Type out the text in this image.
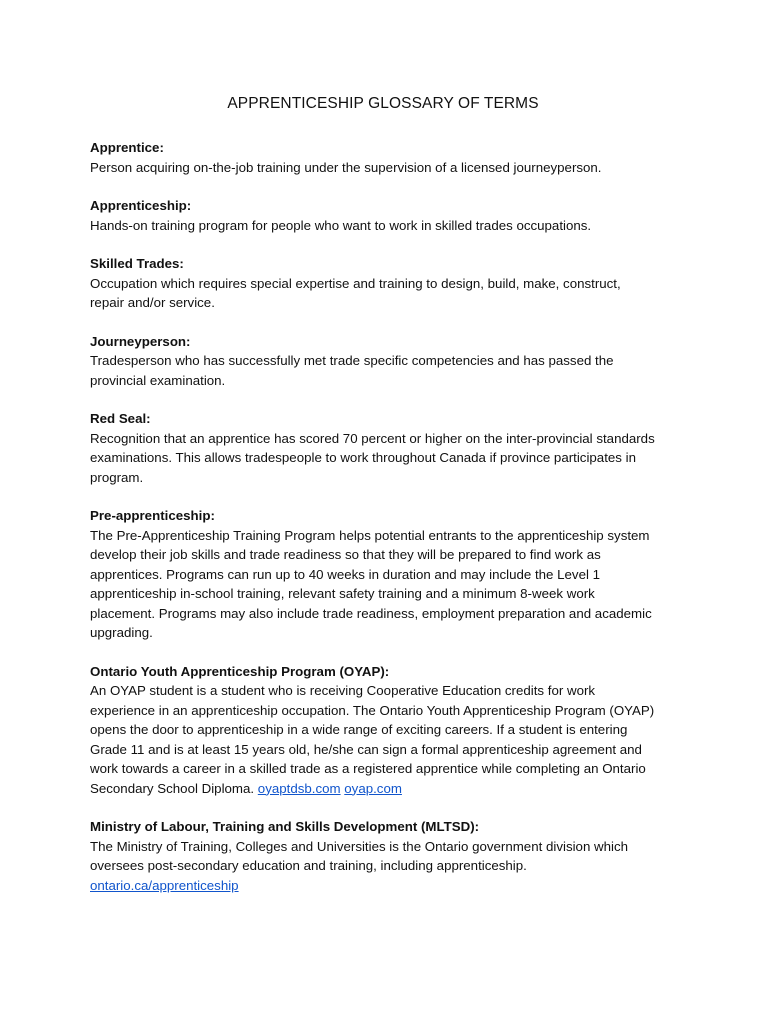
APPRENTICESHIP GLOSSARY OF TERMS

Apprentice:

Person acquiring on-the-job training under the supervision of a licensed journeyperson.

Apprenticeship:

Hands-on training program for people who want to work in skilled trades occupations.

Skilled Trades:

Occupation which requires special expertise and training to design, build, make, construct,
repair and/or service.

Journeyperson:

Tradesperson who has successfully met trade specific competencies and has passed the
provincial examination.

Red Seal:

Recognition that an apprentice has scored 70 percent or higher on the inter-provincial standards
examinations. This allows tradespeople to work throughout Canada if province participates in
program.

Pre-apprenticeship:

The Pre-Apprenticeship Training Program helps potential entrants to the apprenticeship system
develop their job skills and trade readiness so that they will be prepared to find work as
apprentices. Programs can run up to 40 weeks in duration and may include the Level 1
apprenticeship in-school training, relevant safety training and a minimum 8-week work
placement. Programs may also include trade readiness, employment preparation and academic
upgrading.

Ontario Youth Apprenticeship Program (OYAP):

An OYAP student is a student who is receiving Cooperative Education credits for work
experience in an apprenticeship occupation. The Ontario Youth Apprenticeship Program (OYAP)
opens the door to apprenticeship in a wide range of exciting careers. If a student is entering
Grade 11 and is at least 15 years old, he/she can sign a formal apprenticeship agreement and
work towards a career in a skilled trade as a registered apprentice while completing an Ontario
Secondary School Diploma. oyaptdsb.com oyap.com

Ministry of Labour, Training and Skills Development (MLTSD):

The Ministry of Training, Colleges and Universities is the Ontario government division which
oversees post-secondary education and training, including apprenticeship.
ontario.ca/apprenticeship
